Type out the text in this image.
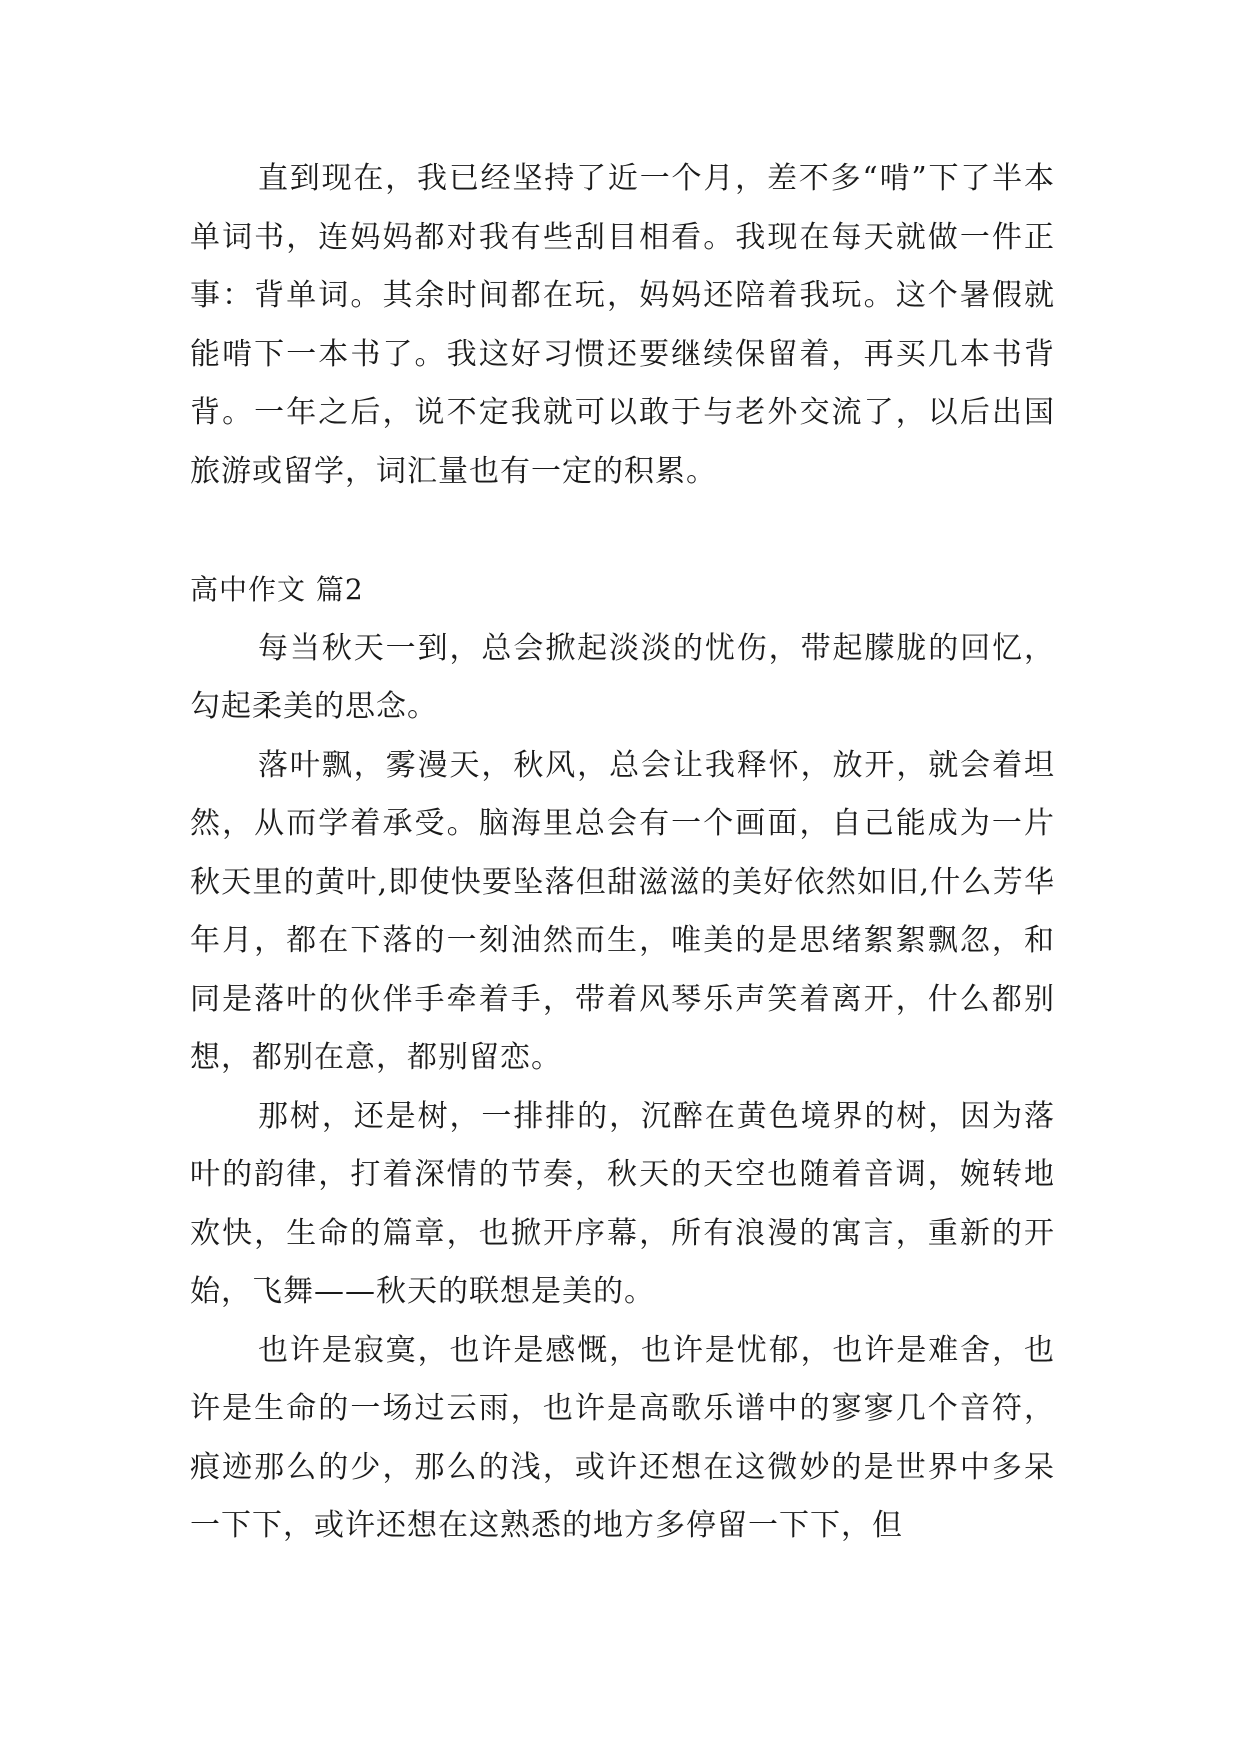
直到现在，我已经坚持了近一个月，差不多“啃”下了半本单词书，连妈妈都对我有些刮目相看。我现在每天就做一件正事：背单词。其余时间都在玩，妈妈还陪着我玩。这个暑假就能啃下一本书了。我这好习惯还要继续保留着，再买几本书背背。一年之后，说不定我就可以敢于与老外交流了，以后出国旅游或留学，词汇量也有一定的积累。

高中作文 篇2

每当秋天一到，总会掀起淡淡的忧伤，带起朦胧的回忆，勾起柔美的思念。

落叶飘，雾漫天，秋风，总会让我释怀，放开，就会着坦然，从而学着承受。脑海里总会有一个画面，自己能成为一片秋天里的黄叶,即使快要坠落但甜滋滋的美好依然如旧,什么芳华年月，都在下落的一刻油然而生，唯美的是思绪絮絮飘忽，和同是落叶的伙伴手牵着手，带着风琴乐声笑着离开，什么都别想，都别在意，都别留恋。

那树，还是树，一排排的，沉醉在黄色境界的树，因为落叶的韵律，打着深情的节奏，秋天的天空也随着音调，婉转地欢快，生命的篇章，也掀开序幕，所有浪漫的寓言，重新的开始，飞舞——秋天的联想是美的。

也许是寂寞，也许是感慨，也许是忧郁，也许是难舍，也许是生命的一场过云雨，也许是高歌乐谱中的寥寥几个音符，痕迹那么的少，那么的浅，或许还想在这微妙的是世界中多呆一下下，或许还想在这熟悉的地方多停留一下下，但
